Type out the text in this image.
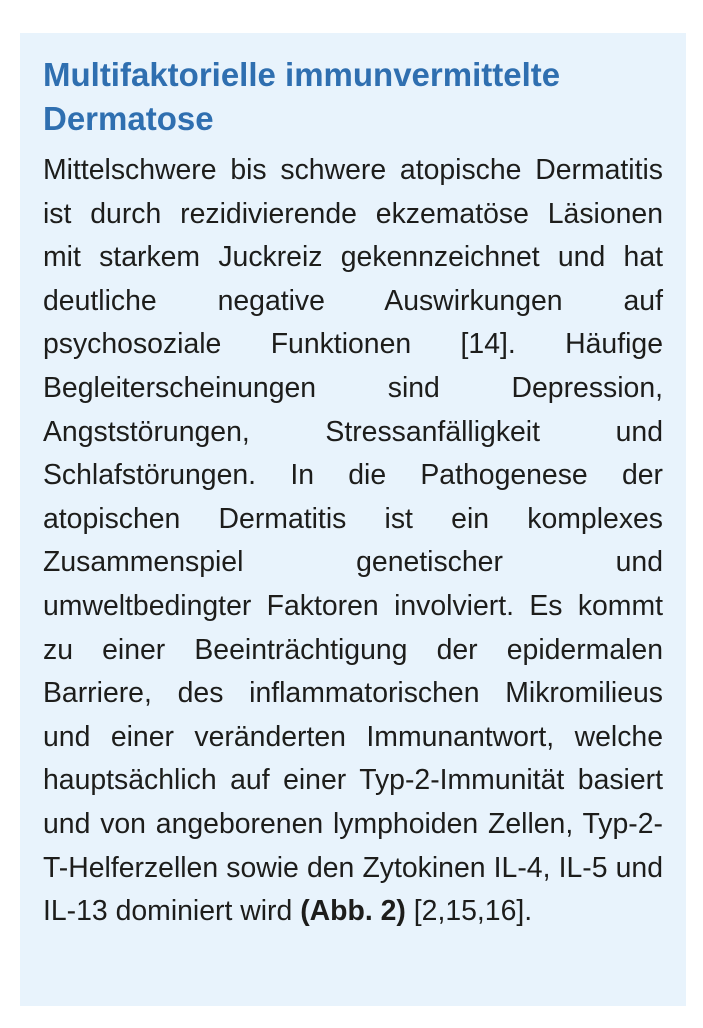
Multifaktorielle immunvermittelte Dermatose

Mittelschwere bis schwere atopische Dermatitis ist durch rezidivierende ekzematöse Läsionen mit starkem Juckreiz gekennzeichnet und hat deutliche negative Auswirkungen auf psychosoziale Funktionen [14]. Häufige Begleiterscheinungen sind Depression, Angststörungen, Stressanfälligkeit und Schlafstörungen. In die Pathogenese der atopischen Dermatitis ist ein komplexes Zusammenspiel genetischer und umweltbedingter Faktoren involviert. Es kommt zu einer Beeinträchtigung der epidermalen Barriere, des inflammatorischen Mikromilieus und einer veränderten Immunantwort, welche hauptsächlich auf einer Typ-2-Immunität basiert und von angeborenen lymphoiden Zellen, Typ-2-T-Helferzellen sowie den Zytokinen IL-4, IL-5 und IL-13 dominiert wird (Abb. 2) [2,15,16].
